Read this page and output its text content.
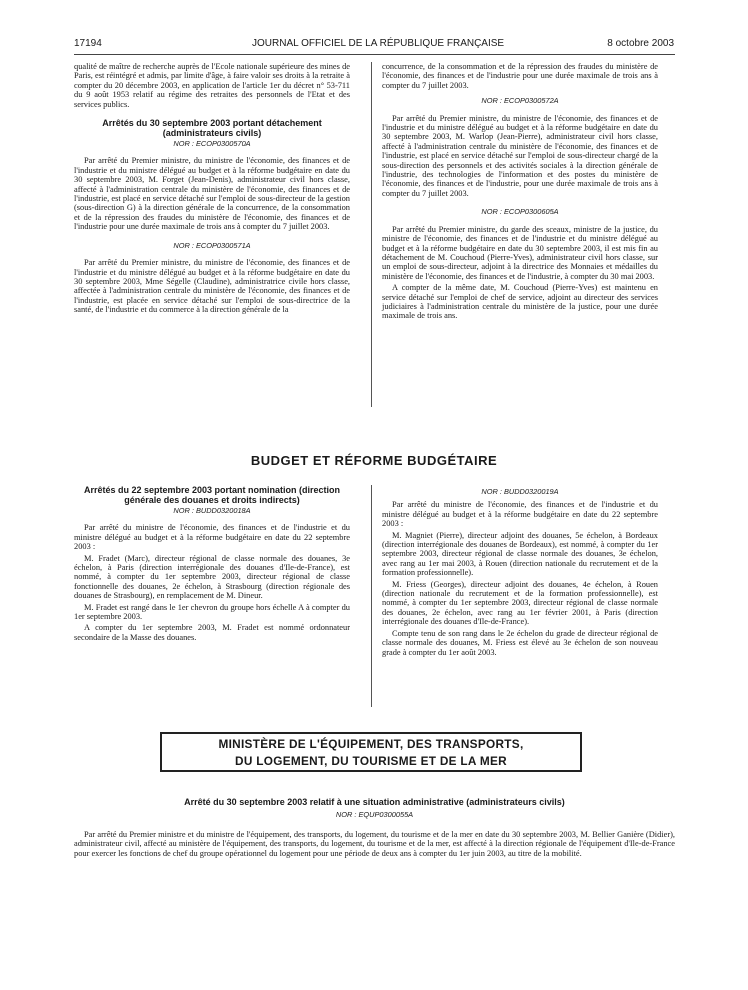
17194	JOURNAL OFFICIEL DE LA RÉPUBLIQUE FRANÇAISE	8 octobre 2003

qualité de maître de recherche auprès de l'Ecole nationale supérieure des mines de Paris, est réintégré et admis, par limite d'âge, à faire valoir ses droits à la retraite à compter du 20 décembre 2003, en application de l'article 1er du décret n° 53-711 du 9 août 1953 relatif au régime des retraites des personnels de l'Etat et des services publics.

Arrêtés du 30 septembre 2003 portant détachement (administrateurs civils)
NOR : ECOP0300570A

Par arrêté du Premier ministre, du ministre de l'économie, des finances et de l'industrie et du ministre délégué au budget et à la réforme budgétaire en date du 30 septembre 2003, M. Forget (Jean-Denis), administrateur civil hors classe, affecté à l'administration centrale du ministère de l'économie, des finances et de l'industrie, est placé en service détaché sur l'emploi de sous-directeur de la gestion (sous-direction G) à la direction générale de la concurrence, de la consommation et de la répression des fraudes du ministère de l'économie, des finances et de l'industrie pour une durée maximale de trois ans à compter du 7 juillet 2003.

NOR : ECOP0300571A

Par arrêté du Premier ministre, du ministre de l'économie, des finances et de l'industrie et du ministre délégué au budget et à la réforme budgétaire en date du 30 septembre 2003, Mme Ségelle (Claudine), administratrice civile hors classe, affectée à l'administration centrale du ministère de l'économie, des finances et de l'industrie, est placée en service détaché sur l'emploi de sous-directrice de la santé, de l'industrie et du commerce à la direction générale de la

concurrence, de la consommation et de la répression des fraudes du ministère de l'économie, des finances et de l'industrie pour une durée maximale de trois ans à compter du 7 juillet 2003.

NOR : ECOP0300572A

Par arrêté du Premier ministre, du ministre de l'économie, des finances et de l'industrie et du ministre délégué au budget et à la réforme budgétaire en date du 30 septembre 2003, M. Warlop (Jean-Pierre), administrateur civil hors classe, affecté à l'administration centrale du ministère de l'économie, des finances et de l'industrie, est placé en service détaché sur l'emploi de sous-directeur chargé de la sous-direction des personnels et des activités sociales à la direction générale de l'industrie, des technologies de l'information et des postes du ministère de l'économie, des finances et de l'industrie, pour une durée maximale de trois ans à compter du 7 juillet 2003.

NOR : ECOP0300605A

Par arrêté du Premier ministre, du garde des sceaux, ministre de la justice, du ministre de l'économie, des finances et de l'industrie et du ministre délégué au budget et à la réforme budgétaire en date du 30 septembre 2003, il est mis fin au détachement de M. Couchoud (Pierre-Yves), administrateur civil hors classe, sur un emploi de sous-directeur, adjoint à la directrice des Monnaies et médailles du ministère de l'économie, des finances et de l'industrie, à compter du 30 mai 2003.

A compter de la même date, M. Couchoud (Pierre-Yves) est maintenu en service détaché sur l'emploi de chef de service, adjoint au directeur des services judiciaires à l'administration centrale du ministère de la justice, pour une durée maximale de trois ans.

BUDGET ET RÉFORME BUDGÉTAIRE
Arrêtés du 22 septembre 2003 portant nomination (direction générale des douanes et droits indirects)
NOR : BUDD0320018A

Par arrêté du ministre de l'économie, des finances et de l'industrie et du ministre délégué au budget et à la réforme budgétaire en date du 22 septembre 2003 :

M. Fradet (Marc), directeur régional de classe normale des douanes, 3e échelon, à Paris (direction interrégionale des douanes d'Ile-de-France), est nommé, à compter du 1er septembre 2003, directeur régional de classe fonctionnelle des douanes, 2e échelon, à Strasbourg (direction régionale des douanes de Strasbourg), en remplacement de M. Dineur.

M. Fradet est rangé dans le 1er chevron du groupe hors échelle A à compter du 1er septembre 2003.

A compter du 1er septembre 2003, M. Fradet est nommé ordonnateur secondaire de la Masse des douanes.

NOR : BUDD0320019A

Par arrêté du ministre de l'économie, des finances et de l'industrie et du ministre délégué au budget et à la réforme budgétaire en date du 22 septembre 2003 :

M. Magniet (Pierre), directeur adjoint des douanes, 5e échelon, à Bordeaux (direction interrégionale des douanes de Bordeaux), est nommé, à compter du 1er septembre 2003, directeur régional de classe normale des douanes, 3e échelon, avec rang au 1er mai 2003, à Rouen (direction nationale du recrutement et de la formation professionnelle).

M. Friess (Georges), directeur adjoint des douanes, 4e échelon, à Rouen (direction nationale du recrutement et de la formation professionnelle), est nommé, à compter du 1er septembre 2003, directeur régional de classe normale des douanes, 2e échelon, avec rang au 1er février 2001, à Paris (direction interrégionale des douanes d'Ile-de-France).

Compte tenu de son rang dans le 2e échelon du grade de directeur régional de classe normale des douanes, M. Friess est élevé au 3e échelon de son nouveau grade à compter du 1er août 2003.

MINISTÈRE DE L'ÉQUIPEMENT, DES TRANSPORTS,
DU LOGEMENT, DU TOURISME ET DE LA MER
Arrêté du 30 septembre 2003 relatif à une situation administrative (administrateurs civils)
NOR : EQUP0300055A

Par arrêté du Premier ministre et du ministre de l'équipement, des transports, du logement, du tourisme et de la mer en date du 30 septembre 2003, M. Bellier Ganière (Didier), administrateur civil, affecté au ministère de l'équipement, des transports, du logement, du tourisme et de la mer, est affecté à la direction régionale de l'équipement d'Ile-de-France pour exercer les fonctions de chef du groupe opérationnel du logement pour une période de deux ans à compter du 1er juin 2003, au titre de la mobilité.
